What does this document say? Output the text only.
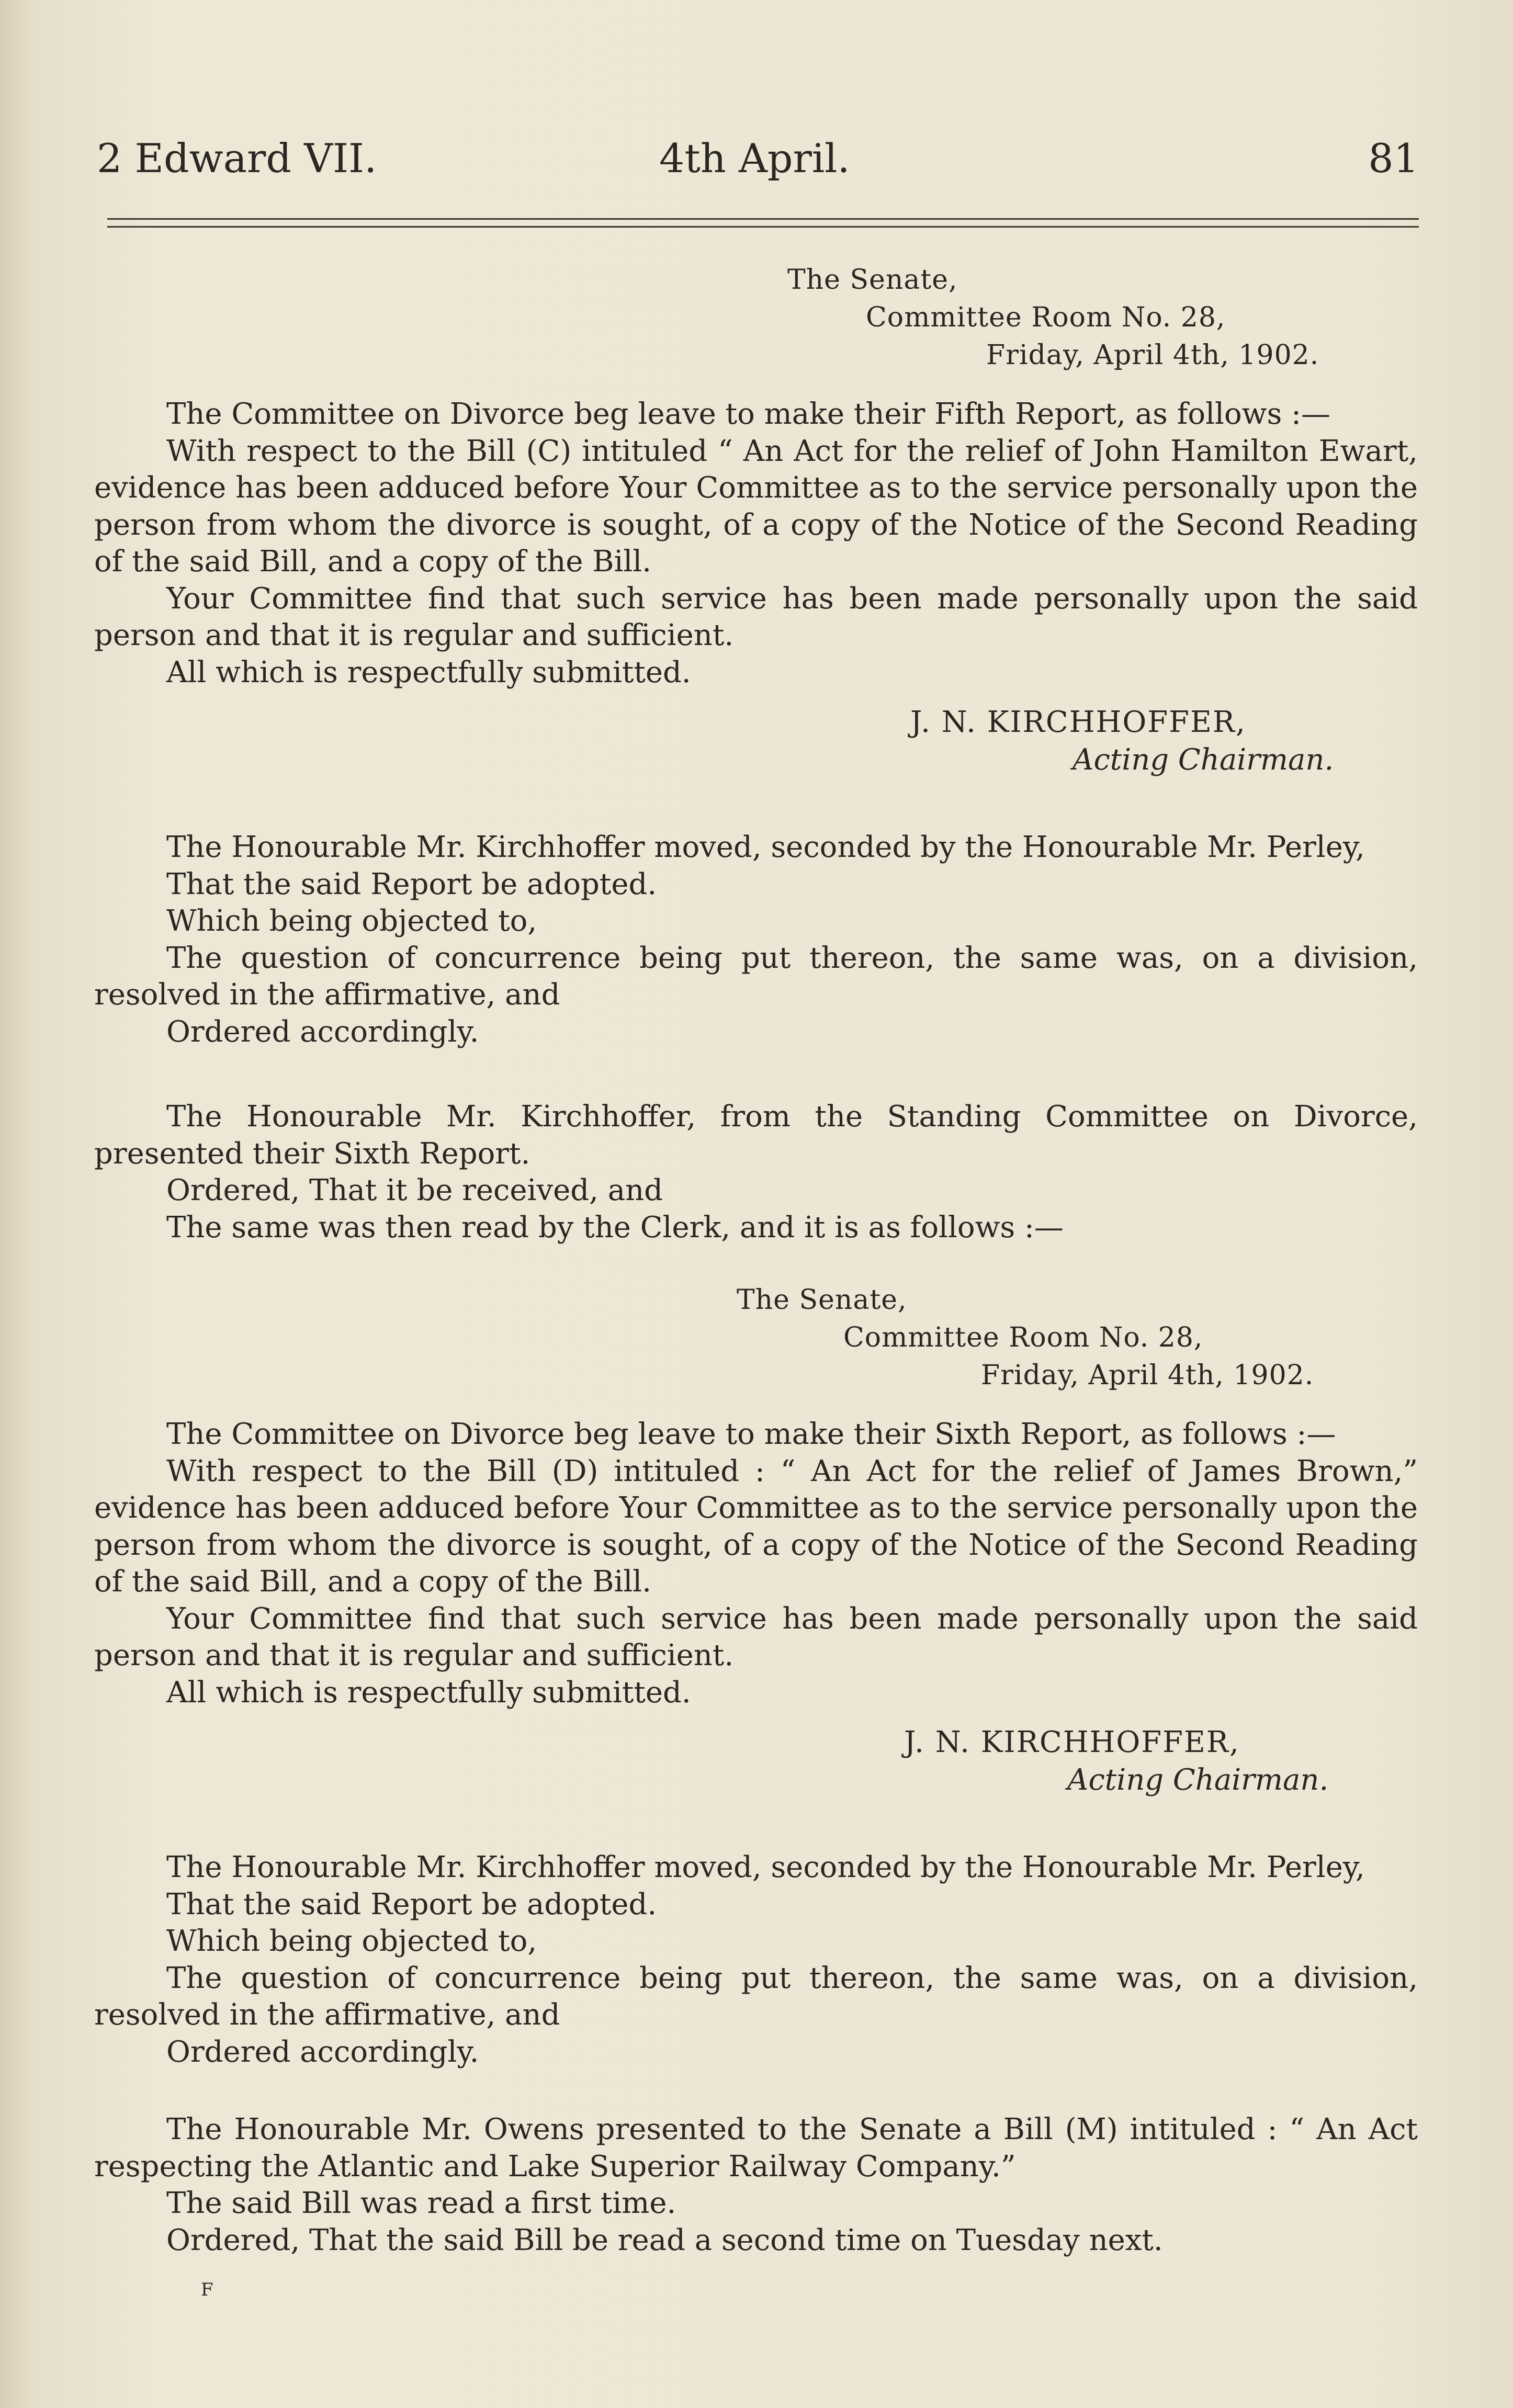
2 Edward VII.	4th April.	81
The Senate,
Committee Room No. 28,
Friday, April 4th, 1902.

The Committee on Divorce beg leave to make their Fifth Report, as follows :—

With respect to the Bill (C) intituled “ An Act for the relief of John Hamilton Ewart, evidence has been adduced before Your Committee as to the service personally upon the person from whom the divorce is sought, of a copy of the Notice of the Second Reading of the said Bill, and a copy of the Bill.

Your Committee find that such service has been made personally upon the said person and that it is regular and sufficient.

All which is respectfully submitted.

J. N. KIRCHHOFFER,
Acting Chairman.

The Honourable Mr. Kirchhoffer moved, seconded by the Honourable Mr. Perley,

That the said Report be adopted.

Which being objected to,

The question of concurrence being put thereon, the same was, on a division, resolved in the affirmative, and

Ordered accordingly.

The Honourable Mr. Kirchhoffer, from the Standing Committee on Divorce, presented their Sixth Report.

Ordered, That it be received, and

The same was then read by the Clerk, and it is as follows :—

The Senate,
Committee Room No. 28,
Friday, April 4th, 1902.

The Committee on Divorce beg leave to make their Sixth Report, as follows :—

With respect to the Bill (D) intituled : “ An Act for the relief of James Brown,” evidence has been adduced before Your Committee as to the service personally upon the person from whom the divorce is sought, of a copy of the Notice of the Second Reading of the said Bill, and a copy of the Bill.

Your Committee find that such service has been made personally upon the said person and that it is regular and sufficient.

All which is respectfully submitted.

J. N. KIRCHHOFFER,
Acting Chairman.

The Honourable Mr. Kirchhoffer moved, seconded by the Honourable Mr. Perley,

That the said Report be adopted.

Which being objected to,

The question of concurrence being put thereon, the same was, on a division, resolved in the affirmative, and

Ordered accordingly.

The Honourable Mr. Owens presented to the Senate a Bill (M) intituled : “ An Act respecting the Atlantic and Lake Superior Railway Company.”

The said Bill was read a first time.

Ordered, That the said Bill be read a second time on Tuesday next.

F
